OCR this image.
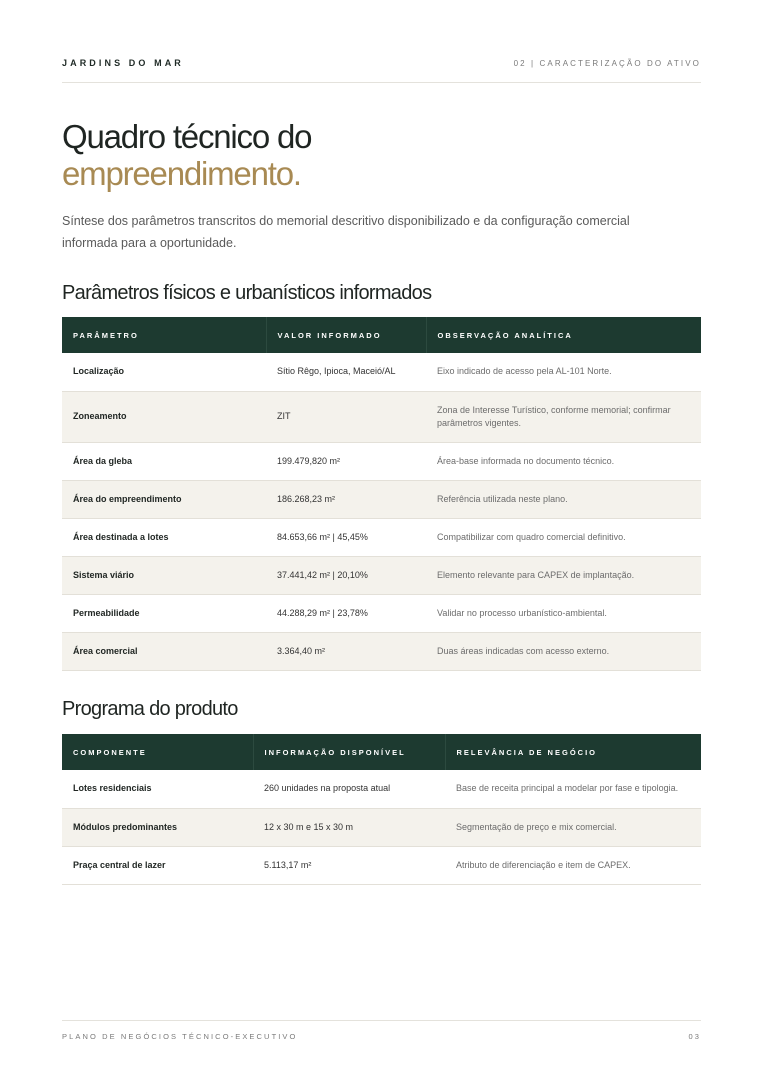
JARDINS DO MAR	02 | CARACTERIZAÇÃO DO ATIVO
Quadro técnico do
empreendimento.

Síntese dos parâmetros transcritos do memorial descritivo disponibilizado e da configuração comercial informada para a oportunidade.

Parâmetros físicos e urbanísticos informados
PARÂMETRO	VALOR INFORMADO	OBSERVAÇÃO ANALÍTICA
Localização	Sítio Rêgo, Ipioca, Maceió/AL	Eixo indicado de acesso pela AL-101 Norte.
Zoneamento	ZIT	Zona de Interesse Turístico, conforme memorial; confirmar parâmetros vigentes.
Área da gleba	199.479,820 m²	Área-base informada no documento técnico.
Área do empreendimento	186.268,23 m²	Referência utilizada neste plano.
Área destinada a lotes	84.653,66 m² | 45,45%	Compatibilizar com quadro comercial definitivo.
Sistema viário	37.441,42 m² | 20,10%	Elemento relevante para CAPEX de implantação.
Permeabilidade	44.288,29 m² | 23,78%	Validar no processo urbanístico-ambiental.
Área comercial	3.364,40 m²	Duas áreas indicadas com acesso externo.
Programa do produto
COMPONENTE	INFORMAÇÃO DISPONÍVEL	RELEVÂNCIA DE NEGÓCIO
Lotes residenciais	260 unidades na proposta atual	Base de receita principal a modelar por fase e tipologia.
Módulos predominantes	12 x 30 m e 15 x 30 m	Segmentação de preço e mix comercial.
Praça central de lazer	5.113,17 m²	Atributo de diferenciação e item de CAPEX.
PLANO DE NEGÓCIOS TÉCNICO-EXECUTIVO	03
